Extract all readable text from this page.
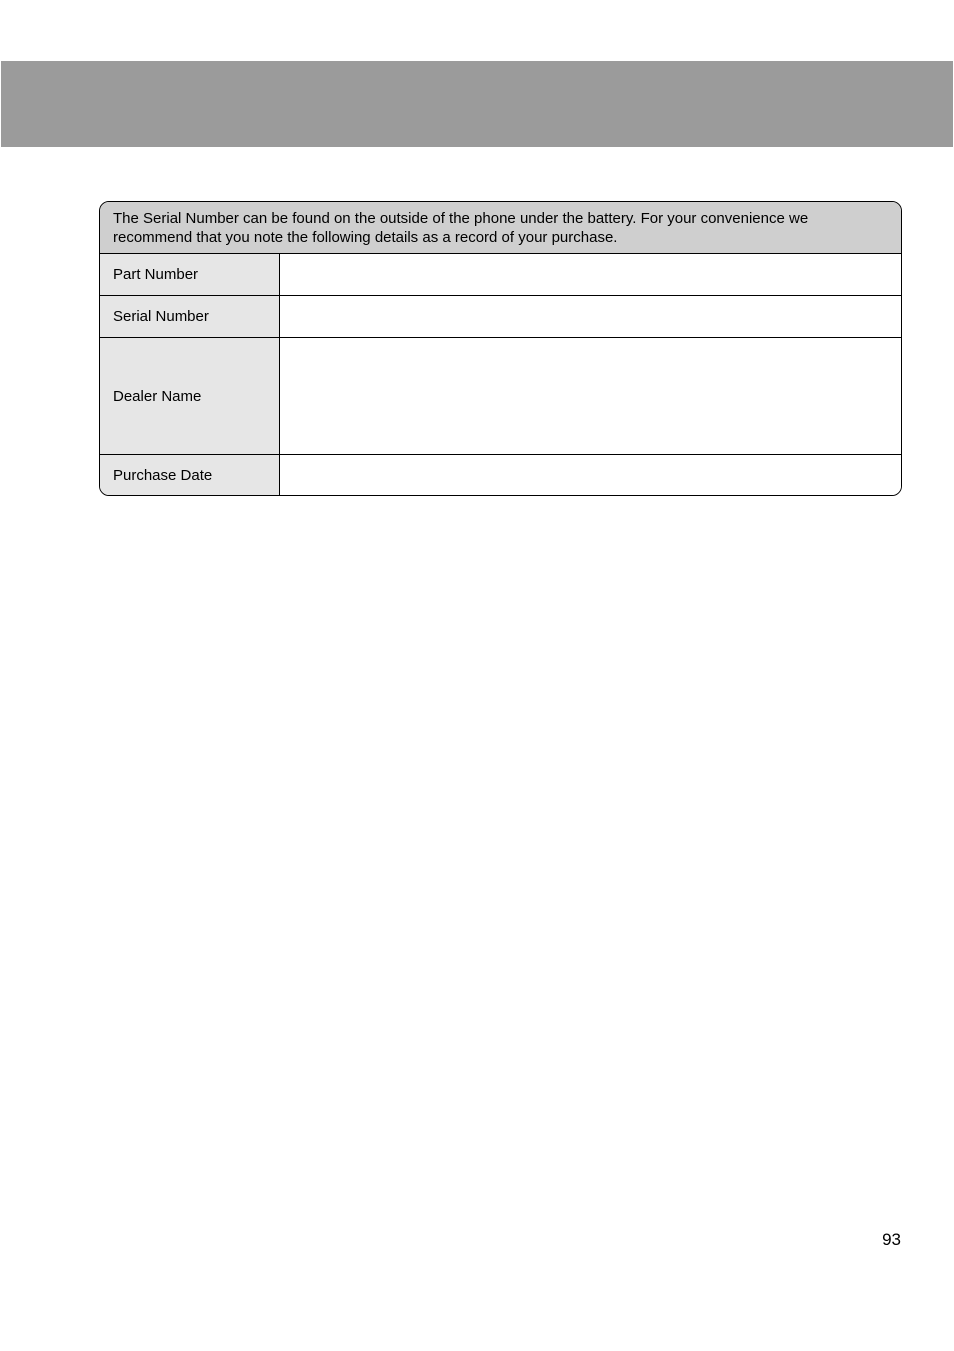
The Serial Number can be found on the outside of the phone under the battery. For your convenience we recommend that you note the following details as a record of your purchase.
Part Number
Serial Number
Dealer Name
Purchase Date
93
